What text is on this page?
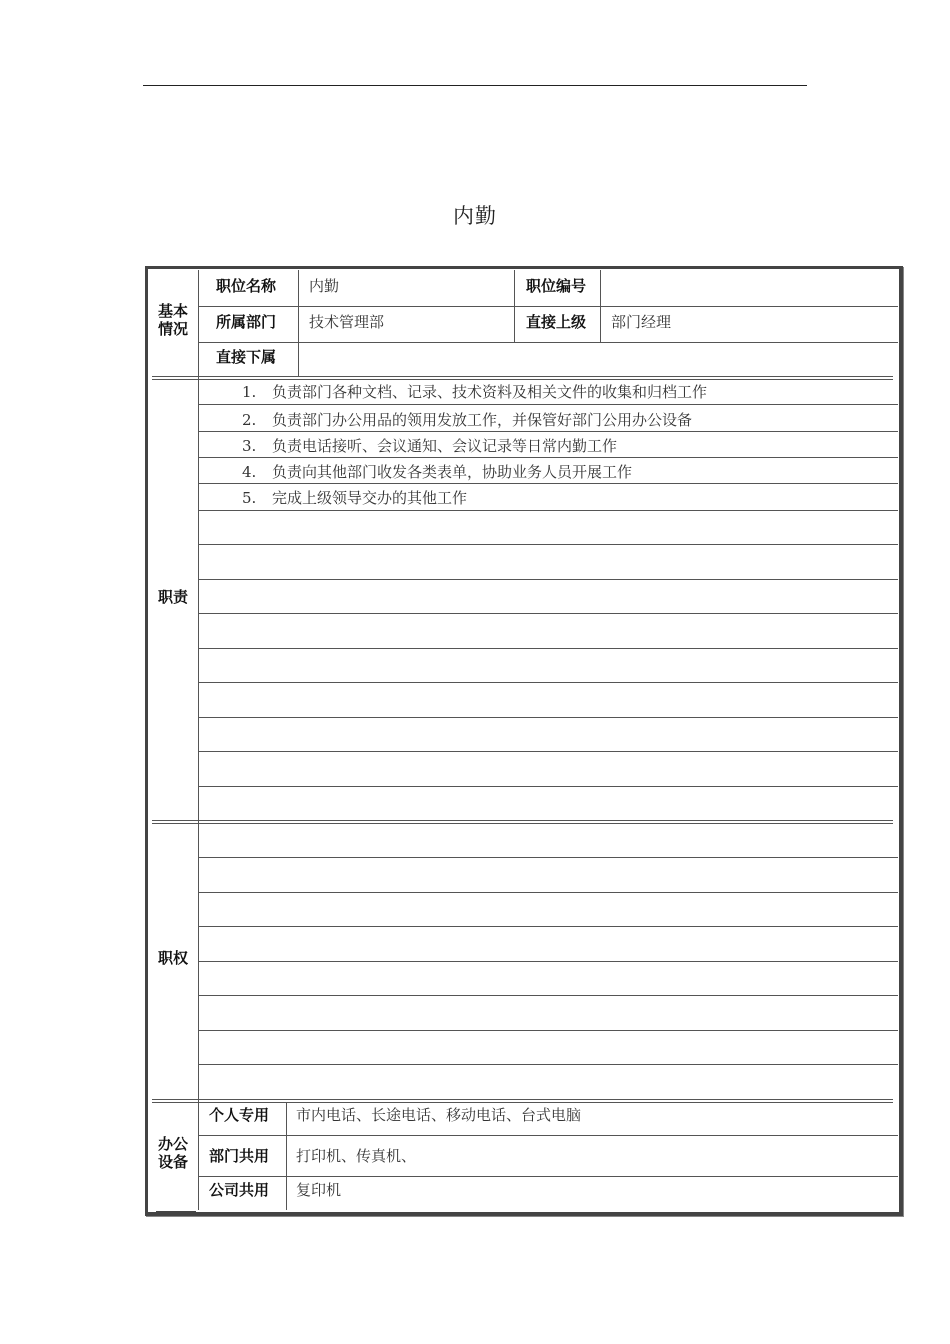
内勤
基本
情况
职位名称 内勤	职位编号
所属部门 技术管理部	直接上级 部门经理
直接下属
职责
1. 负责部门各种文档、记录、技术资料及相关文件的收集和归档工作
2. 负责部门办公用品的领用发放工作，并保管好部门公用办公设备
3. 负责电话接听、会议通知、会议记录等日常内勤工作
4. 负责向其他部门收发各类表单，协助业务人员开展工作
5. 完成上级领导交办的其他工作
职权
办公
设备
个人专用 市内电话、长途电话、移动电话、台式电脑
部门共用 打印机、传真机、
公司共用 复印机
